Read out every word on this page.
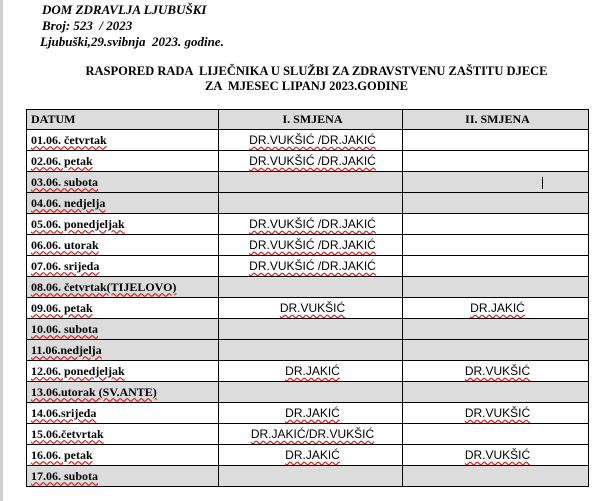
DOM ZDRAVLJA LJUBUŠKI
Broj: 523  / 2023
Ljubuški,29.svibnja  2023. godine.
RASPORED RADA  LIJEČNIKA U SLUŽBI ZA ZDRAVSTVENU ZAŠTITU DJECE
ZA  MJESEC LIPANJ 2023.GODINE
DATUM	I. SMJENA	II. SMJENA
01.06. četvrtak	DR.VUKŠIĆ /DR.JAKIĆ	
02.06. petak	DR.VUKŠIĆ /DR.JAKIĆ	
03.06. subota		
04.06. nedjelja		
05.06. ponedjeljak	DR.VUKŠIĆ /DR.JAKIĆ	
06.06. utorak	DR.VUKŠIĆ /DR.JAKIĆ	
07.06. srijeda	DR.VUKŠIĆ /DR.JAKIĆ	
08.06. četvrtak(TIJELOVO)		
09.06. petak	DR.VUKŠIĆ	DR.JAKIĆ
10.06. subota		
11.06.nedjelja		
12.06. ponedjeljak	DR.JAKIĆ	DR.VUKŠIĆ
13.06.utorak (SV.ANTE)		
14.06.srijeda	DR.JAKIĆ	DR.VUKŠIĆ
15.06.četvrtak	DR.JAKIĆ/DR.VUKŠIĆ	
16.06. petak	DR.JAKIĆ	DR.VUKŠIĆ
17.06. subota		
